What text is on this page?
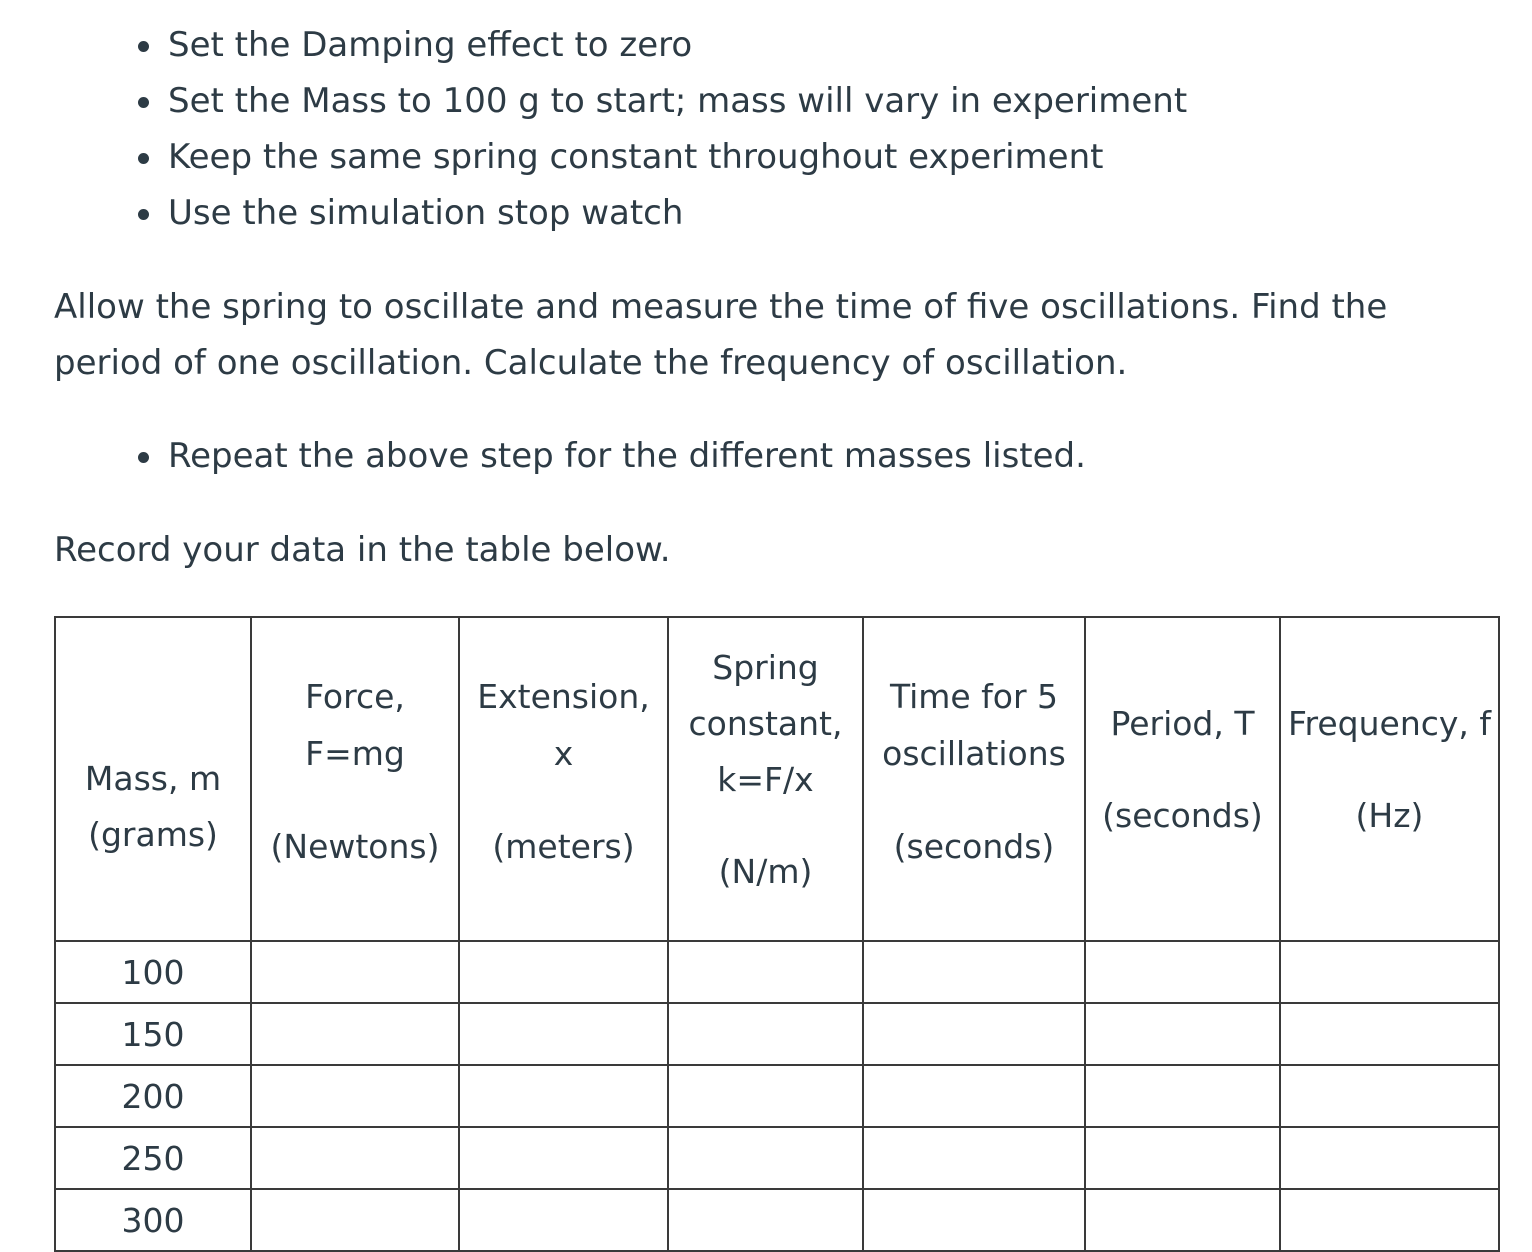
Set the Damping effect to zero
Set the Mass to 100 g to start; mass will vary in experiment
Keep the same spring constant throughout experiment
Use the simulation stop watch

Allow the spring to oscillate and measure the time of five oscillations. Find the
period of one oscillation. Calculate the frequency of oscillation.

Repeat the above step for the different masses listed.

Record your data in the table below.

Mass, m
(grams)	Force,
F=mg
(Newtons)	Extension,
x
(meters)	Spring
constant,
k=F/x
(N/m)	Time for 5
oscillations
(seconds)	Period, T
(seconds)	Frequency, f
(Hz)

100						
150						
200						
250						
300						
